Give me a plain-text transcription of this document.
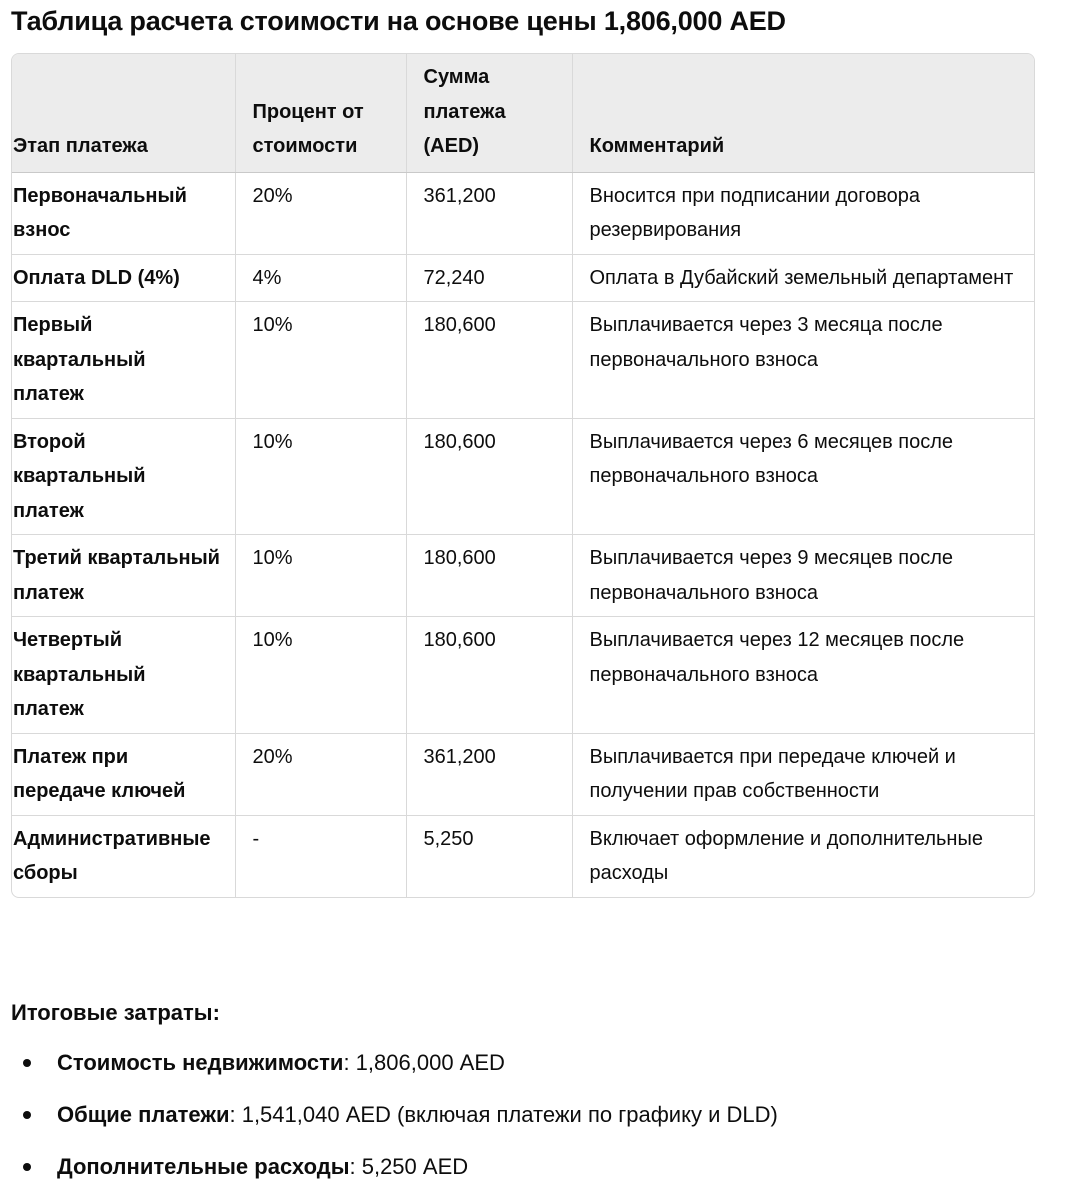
Таблица расчета стоимости на основе цены 1,806,000 AED
Этап платежа	Процент от стоимости	Сумма платежа (AED)	Комментарий
Первоначальный взнос	20%	361,200	Вносится при подписании договора резервирования
Оплата DLD (4%)	4%	72,240	Оплата в Дубайский земельный департамент
Первый квартальный платеж	10%	180,600	Выплачивается через 3 месяца после первоначального взноса
Второй квартальный платеж	10%	180,600	Выплачивается через 6 месяцев после первоначального взноса
Третий квартальный платеж	10%	180,600	Выплачивается через 9 месяцев после первоначального взноса
Четвертый квартальный платеж	10%	180,600	Выплачивается через 12 месяцев после первоначального взноса
Платеж при передаче ключей	20%	361,200	Выплачивается при передаче ключей и получении прав собственности
Административные сборы	-	5,250	Включает оформление и дополнительные расходы
Итоговые затраты:
Стоимость недвижимости: 1,806,000 AED
Общие платежи: 1,541,040 AED (включая платежи по графику и DLD)
Дополнительные расходы: 5,250 AED
